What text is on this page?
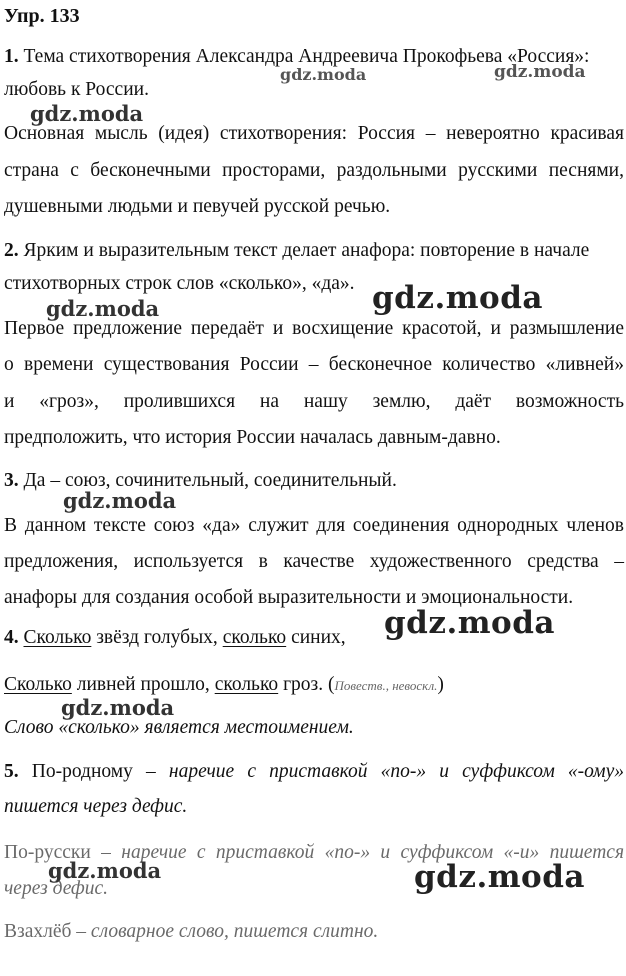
Упр. 133
1. Тема стихотворения Александра Андреевича Прокофьева «Россия»:
любовь к России.
Основная мысль (идея) стихотворения: Россия – невероятно красивая
страна с бесконечными просторами, раздольными русскими песнями,
душевными людьми и певучей русской речью.
2. Ярким и выразительным текст делает анафора: повторение в начале
стихотворных строк слов «сколько», «да».
Первое предложение передаёт и восхищение красотой, и размышление
о времени существования России – бесконечное количество «ливней»
и «гроз», пролившихся на нашу землю, даёт возможность
предположить, что история России началась давным-давно.
3. Да – союз, сочинительный, соединительный.
В данном тексте союз «да» служит для соединения однородных членов
предложения, используется в качестве художественного средства –
анафоры для создания особой выразительности и эмоциональности.
4. Сколько звёзд голубых, сколько синих,
Сколько ливней прошло, сколько гроз. (Повеств., невоскл.)
Слово «сколько» является местоимением.
5. По-родному – наречие с приставкой «по-» и суффиксом «-ому»
пишется через дефис.
По-русски – наречие с приставкой «по-» и суффиксом «-и» пишется
через дефис.
Взахлёб – словарное слово, пишется слитно.
gdz.moda	gdz.moda
gdz.moda
gdz.moda	gdz.moda
gdz.moda
gdz.moda
gdz.moda
gdz.moda	gdz.moda
